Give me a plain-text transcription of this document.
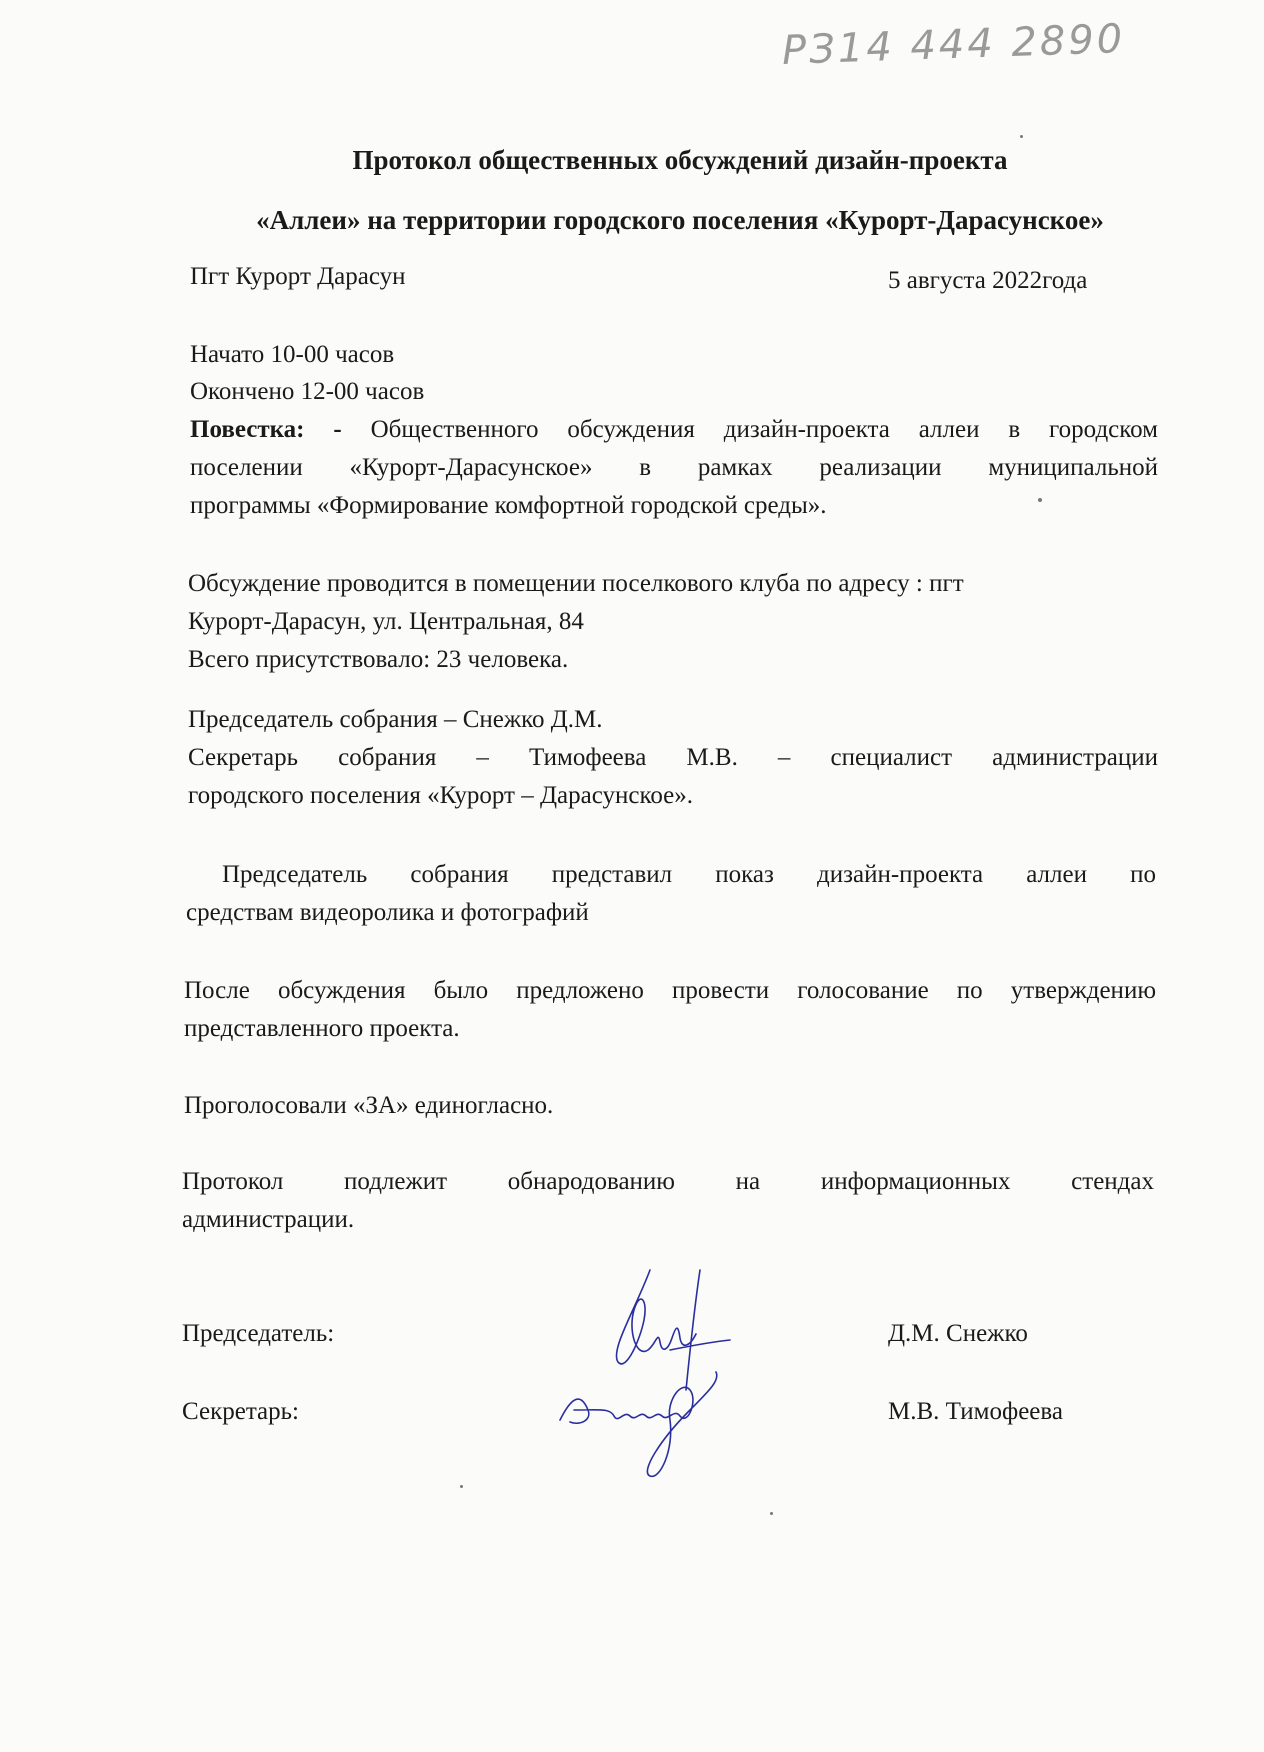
РЗ14 444 2890
Протокол общественных обсуждений дизайн-проекта
«Аллеи» на территории городского поселения «Курорт-Дарасунское»
Пгт Курорт Дарасун	5 августа 2022года
Начато 10-00 часов
Окончено 12-00 часов
Повестка: - Общественного обсуждения дизайн-проекта аллеи в городском
поселении «Курорт-Дарасунское» в рамках реализации муниципальной
программы «Формирование комфортной городской среды».
Обсуждение проводится в помещении поселкового клуба по адресу : пгт
Курорт-Дарасун, ул. Центральная, 84
Всего присутствовало: 23 человека.
Председатель собрания – Снежко Д.М.
Секретарь собрания – Тимофеева М.В. – специалист администрации
городского поселения «Курорт – Дарасунское».
Председатель собрания представил показ дизайн-проекта аллеи по
средствам видеоролика и фотографий
После обсуждения было предложено провести голосование по утверждению
представленного проекта.
Проголосовали «ЗА» единогласно.
Протокол подлежит обнародованию на информационных стендах
администрации.
Председатель:	Д.М. Снежко
Секретарь:	М.В. Тимофеева
